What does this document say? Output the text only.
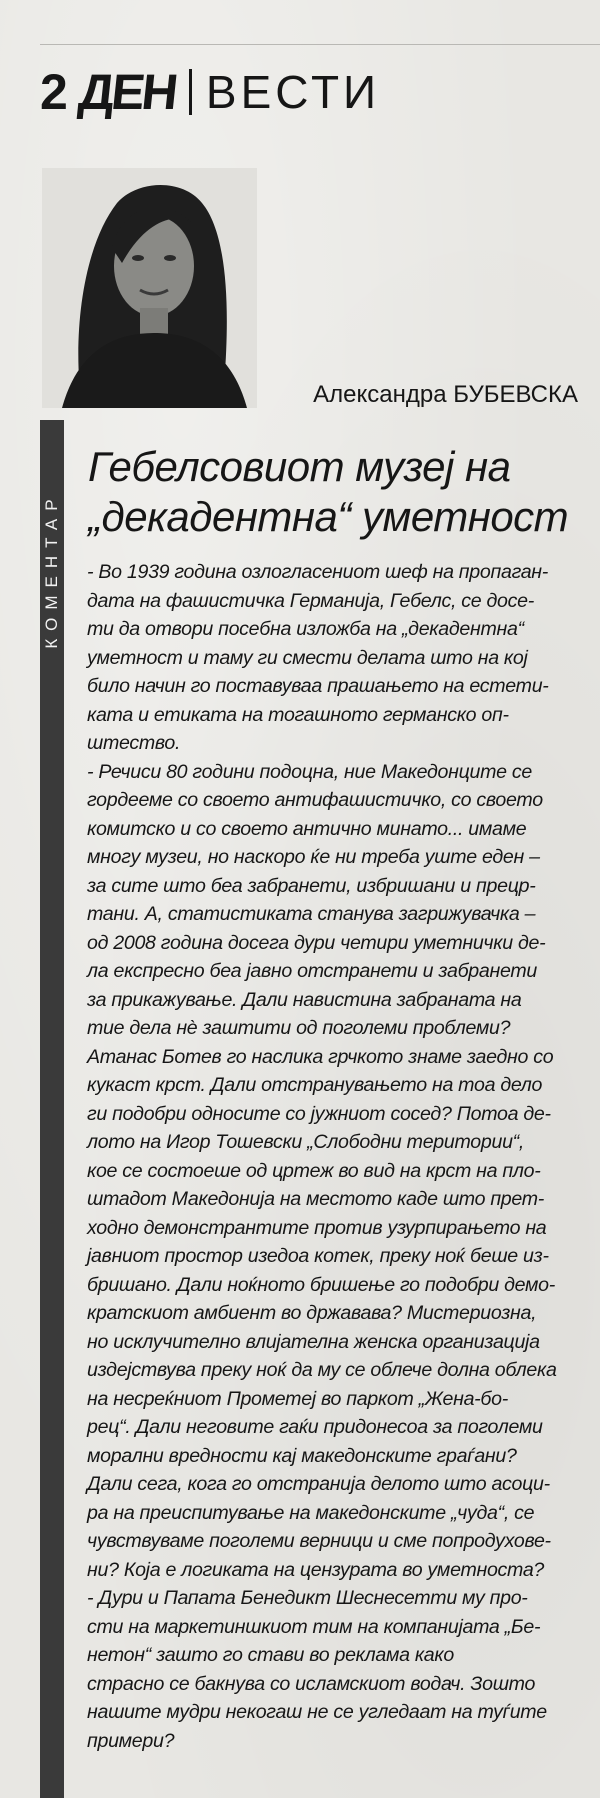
2 ДЕН ВЕСТИ
Александра БУБЕВСКА
КОМЕНТАР
Гебелсовиот музеј на
„декадентна“ уметност
- Во 1939 година озлогласениот шеф на пропаган-
дата на фашистичка Германија, Гебелс, се досе-
ти да отвори посебна изложба на „декадентна“
уметност и таму ги смести делата што на кој
било начин го поставуваа прашањето на естети-
ката и етиката на тогашното германско оп-
штество.
- Речиси 80 години подоцна, ние Македонците се
гордееме со своето антифашистичко, со своето
комитско и со своето антично минато... имаме
многу музеи, но наскоро ќе ни треба уште еден –
за сите што беа забранети, избришани и прецр-
тани. А, статистиката станува загрижувачка –
од 2008 година досега дури четири уметнички де-
ла експресно беа јавно отстранети и забранети
за прикажување. Дали навистина забраната на
тие дела нè заштити од поголеми проблеми?
Атанас Ботев го наслика грчкото знаме заедно со
кукаст крст. Дали отстранувањето на тоа дело
ги подобри односите со јужниот сосед? Потоа де-
лото на Игор Тошевски „Слободни територии“,
кое се состоеше од цртеж во вид на крст на пло-
штадот Македонија на местото каде што прет-
ходно демонстрантите против узурпирањето на
јавниот простор изедоа котек, преку ноќ беше из-
бришано. Дали ноќното бришење го подобри демо-
кратскиот амбиент во државава? Мистериозна,
но исклучително влијателна женска организација
издејствува преку ноќ да му се облече долна облека
на несреќниот Прометеј во паркот „Жена-бо-
рец“. Дали неговите гаќи придонесоа за поголеми
морални вредности кај македонските граѓани?
Дали сега, кога го отстранија делото што асоци-
ра на преиспитување на македонските „чуда“, се
чувствуваме поголеми верници и сме попродухове-
ни? Која е логиката на цензурата во уметноста?
- Дури и Папата Бенедикт Шеснесетти му про-
сти на маркетиншкиот тим на компанијата „Бе-
нетон“ зашто го стави во реклама како
страсно се бакнува со исламскиот водач. Зошто
нашите мудри некогаш не се угледаат на туѓите
примери?
